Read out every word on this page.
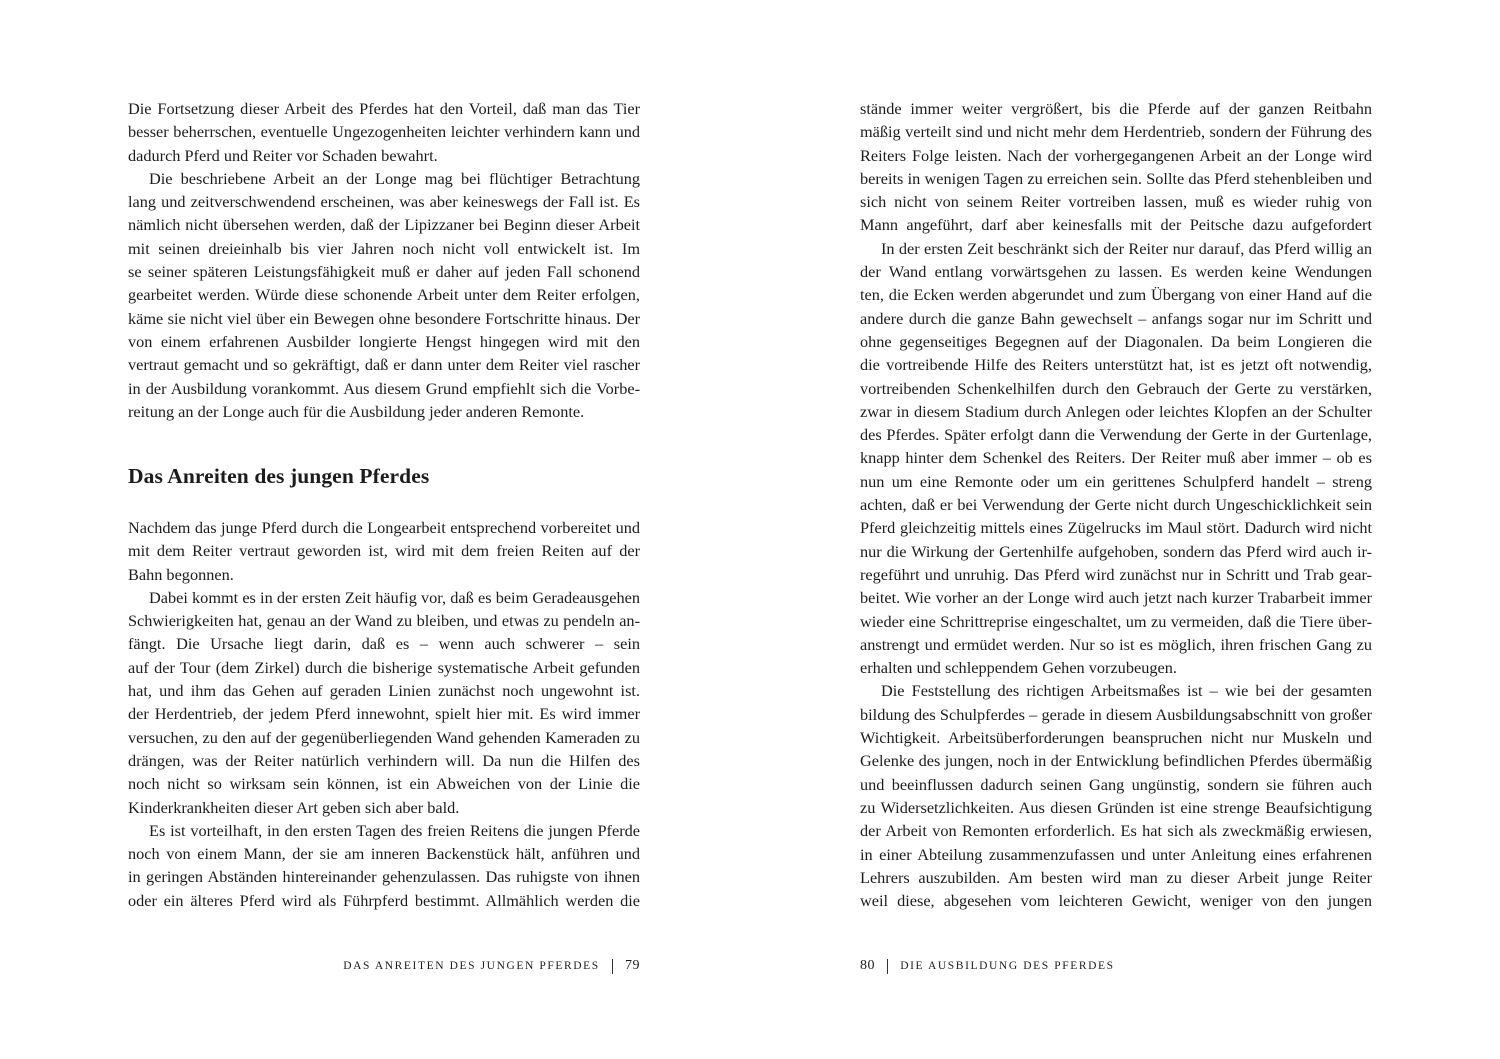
Die Fortsetzung dieser Arbeit des Pferdes hat den Vorteil, daß man das Tier
besser beherrschen, eventuelle Ungezogenheiten leichter verhindern kann und
dadurch Pferd und Reiter vor Schaden bewahrt.
Die beschriebene Arbeit an der Longe mag bei flüchtiger Betrachtung
lang und zeitverschwendend erscheinen, was aber keineswegs der Fall ist. Es
nämlich nicht übersehen werden, daß der Lipizzaner bei Beginn dieser Arbeit
mit seinen dreieinhalb bis vier Jahren noch nicht voll entwickelt ist. Im
se seiner späteren Leistungsfähigkeit muß er daher auf jeden Fall schonend
gearbeitet werden. Würde diese schonende Arbeit unter dem Reiter erfolgen,
käme sie nicht viel über ein Bewegen ohne besondere Fortschritte hinaus. Der
von einem erfahrenen Ausbilder longierte Hengst hingegen wird mit den
vertraut gemacht und so gekräftigt, daß er dann unter dem Reiter viel rascher
in der Ausbildung vorankommt. Aus diesem Grund empfiehlt sich die Vorbe-
reitung an der Longe auch für die Ausbildung jeder anderen Remonte.
Das Anreiten des jungen Pferdes
Nachdem das junge Pferd durch die Longearbeit entsprechend vorbereitet und
mit dem Reiter vertraut geworden ist, wird mit dem freien Reiten auf der
Bahn begonnen.
Dabei kommt es in der ersten Zeit häufig vor, daß es beim Geradeausgehen
Schwierigkeiten hat, genau an der Wand zu bleiben, und etwas zu pendeln an-
fängt. Die Ursache liegt darin, daß es – wenn auch schwerer – sein
auf der Tour (dem Zirkel) durch die bisherige systematische Arbeit gefunden
hat, und ihm das Gehen auf geraden Linien zunächst noch ungewohnt ist.
der Herdentrieb, der jedem Pferd innewohnt, spielt hier mit. Es wird immer
versuchen, zu den auf der gegenüberliegenden Wand gehenden Kameraden zu
drängen, was der Reiter natürlich verhindern will. Da nun die Hilfen des
noch nicht so wirksam sein können, ist ein Abweichen von der Linie die
Kinderkrankheiten dieser Art geben sich aber bald.
Es ist vorteilhaft, in den ersten Tagen des freien Reitens die jungen Pferde
noch von einem Mann, der sie am inneren Backenstück hält, anführen und
in geringen Abständen hintereinander gehenzulassen. Das ruhigste von ihnen
oder ein älteres Pferd wird als Führpferd bestimmt. Allmählich werden die
DAS ANREITEN DES JUNGEN PFERDES 79
stände immer weiter vergrößert, bis die Pferde auf der ganzen Reitbahn
mäßig verteilt sind und nicht mehr dem Herdentrieb, sondern der Führung des
Reiters Folge leisten. Nach der vorhergegangenen Arbeit an der Longe wird
bereits in wenigen Tagen zu erreichen sein. Sollte das Pferd stehenbleiben und
sich nicht von seinem Reiter vortreiben lassen, muß es wieder ruhig von
Mann angeführt, darf aber keinesfalls mit der Peitsche dazu aufgefordert
In der ersten Zeit beschränkt sich der Reiter nur darauf, das Pferd willig an
der Wand entlang vorwärtsgehen zu lassen. Es werden keine Wendungen
ten, die Ecken werden abgerundet und zum Übergang von einer Hand auf die
andere durch die ganze Bahn gewechselt – anfangs sogar nur im Schritt und
ohne gegenseitiges Begegnen auf der Diagonalen. Da beim Longieren die
die vortreibende Hilfe des Reiters unterstützt hat, ist es jetzt oft notwendig,
vortreibenden Schenkelhilfen durch den Gebrauch der Gerte zu verstärken,
zwar in diesem Stadium durch Anlegen oder leichtes Klopfen an der Schulter
des Pferdes. Später erfolgt dann die Verwendung der Gerte in der Gurtenlage,
knapp hinter dem Schenkel des Reiters. Der Reiter muß aber immer – ob es
nun um eine Remonte oder um ein gerittenes Schulpferd handelt – streng
achten, daß er bei Verwendung der Gerte nicht durch Ungeschicklichkeit sein
Pferd gleichzeitig mittels eines Zügelrucks im Maul stört. Dadurch wird nicht
nur die Wirkung der Gertenhilfe aufgehoben, sondern das Pferd wird auch ir-
regeführt und unruhig. Das Pferd wird zunächst nur in Schritt und Trab gear-
beitet. Wie vorher an der Longe wird auch jetzt nach kurzer Trabarbeit immer
wieder eine Schrittreprise eingeschaltet, um zu vermeiden, daß die Tiere über-
anstrengt und ermüdet werden. Nur so ist es möglich, ihren frischen Gang zu
erhalten und schleppendem Gehen vorzubeugen.
Die Feststellung des richtigen Arbeitsmaßes ist – wie bei der gesamten
bildung des Schulpferdes – gerade in diesem Ausbildungsabschnitt von großer
Wichtigkeit. Arbeitsüberforderungen beanspruchen nicht nur Muskeln und
Gelenke des jungen, noch in der Entwicklung befindlichen Pferdes übermäßig
und beeinflussen dadurch seinen Gang ungünstig, sondern sie führen auch
zu Widersetzlichkeiten. Aus diesen Gründen ist eine strenge Beaufsichtigung
der Arbeit von Remonten erforderlich. Es hat sich als zweckmäßig erwiesen,
in einer Abteilung zusammenzufassen und unter Anleitung eines erfahrenen
Lehrers auszubilden. Am besten wird man zu dieser Arbeit junge Reiter
weil diese, abgesehen vom leichteren Gewicht, weniger von den jungen
80 DIE AUSBILDUNG DES PFERDES
